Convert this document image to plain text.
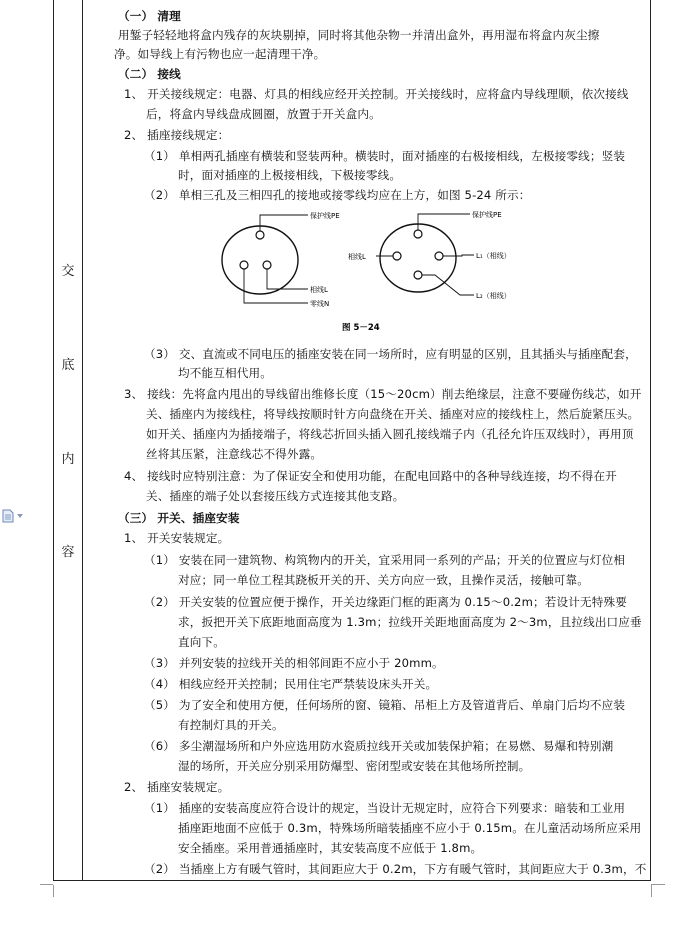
交
底
内
容
（一） 清理
用錾子轻轻地将盒内残存的灰块剔掉，同时将其他杂物一并清出盒外，再用湿布将盒内灰尘擦
净。如导线上有污物也应一起清理干净。
（二） 接线
1、 开关接线规定：电器、灯具的相线应经开关控制。开关接线时，应将盒内导线理顺，依次接线
后，将盒内导线盘成圆圈，放置于开关盒内。
2、 插座接线规定：
（1） 单相两孔插座有横装和竖装两种。横装时，面对插座的右极接相线，左极接零线；竖装
时，面对插座的上极接相线，下极接零线。
（2） 单相三孔及三相四孔的接地或接零线均应在上方，如图 5-24 所示：
（3） 交、直流或不同电压的插座安装在同一场所时，应有明显的区别，且其插头与插座配套，
均不能互相代用。
3、 接线：先将盒内甩出的导线留出维修长度（15～20cm）削去绝缘层，注意不要碰伤线芯，如开
关、插座内为接线柱，将导线按顺时针方向盘绕在开关、插座对应的接线柱上，然后旋紧压头。
如开关、插座内为插接端子，将线芯折回头插入圆孔接线端子内（孔径允许压双线时），再用顶
丝将其压紧，注意线芯不得外露。
4、 接线时应特别注意：为了保证安全和使用功能，在配电回路中的各种导线连接，均不得在开
关、插座的端子处以套接压线方式连接其他支路。
（三） 开关、插座安装
1、 开关安装规定。
（1） 安装在同一建筑物、构筑物内的开关，宜采用同一系列的产品；开关的位置应与灯位相
对应；同一单位工程其跷板开关的开、关方向应一致，且操作灵活，接触可靠。
（2） 开关安装的位置应便于操作，开关边缘距门框的距离为 0.15～0.2m；若设计无特殊要
求，扳把开关下底距地面高度为 1.3m；拉线开关距地面高度为 2～3m，且拉线出口应垂
直向下。
（3） 并列安装的拉线开关的相邻间距不应小于 20mm。
（4） 相线应经开关控制；民用住宅严禁装设床头开关。
（5） 为了安全和使用方便，任何场所的窗、镜箱、吊柜上方及管道背后、单扇门后均不应装
有控制灯具的开关。
（6） 多尘潮湿场所和户外应选用防水瓷质拉线开关或加装保护箱；在易燃、易爆和特别潮
湿的场所，开关应分别采用防爆型、密闭型或安装在其他场所控制。
2、 插座安装规定。
（1） 插座的安装高度应符合设计的规定，当设计无规定时，应符合下列要求：暗装和工业用
插座距地面不应低于 0.3m，特殊场所暗装插座不应小于 0.15m。在儿童活动场所应采用
安全插座。采用普通插座时，其安装高度不应低于 1.8m。
（2） 当插座上方有暖气管时，其间距应大于 0.2m，下方有暖气管时，其间距应大于 0.3m，不
保护线PE
相线L
零线N
保护线PE
相线L	L₁（相线）
L₂（相线）
图 5－24
